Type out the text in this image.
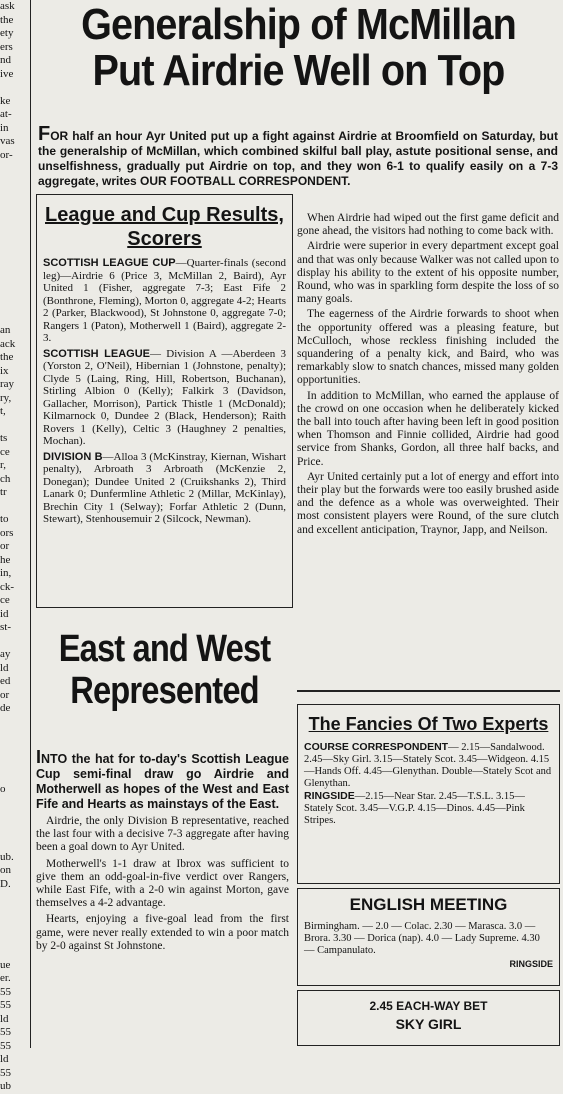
ask
the
ety
ers
nd
ive

ke
at-
in
vas
or-

an
ack
the
ix
ray
ry,
t,

ts
ce
r,
ch
tr

to
ors
or
he
in,
ck-
ce
id
st-

ay
ld
ed
or
de

o

ub.
on
D.

ue
er.
55
55
ld
55
55
ld
55
ub
Generalship of McMillan
Put Airdrie Well on Top
FOR half an hour Ayr United put up a fight against Airdrie at Broomfield on Saturday, but the generalship of McMillan, which combined skilful ball play, astute positional sense, and unselfishness, gradually put Airdrie on top, and they won 6-1 to qualify easily on a 7-3 aggregate, writes OUR FOOTBALL CORRESPONDENT.
League and Cup Results, Scorers

SCOTTISH LEAGUE CUP—Quarter-finals (second leg)—Airdrie 6 (Price 3, McMillan 2, Baird), Ayr United 1 (Fisher, aggregate 7-3; East Fife 2 (Bonthrone, Fleming), Morton 0, aggregate 4-2; Hearts 2 (Parker, Blackwood), St Johnstone 0, aggregate 7-0; Rangers 1 (Paton), Motherwell 1 (Baird), aggregate 2-3.

SCOTTISH LEAGUE— Division A —Aberdeen 3 (Yorston 2, O'Neil), Hibernian 1 (Johnstone, penalty); Clyde 5 (Laing, Ring, Hill, Robertson, Buchanan), Stirling Albion 0 (Kelly); Falkirk 3 (Davidson, Gallacher, Morrison), Partick Thistle 1 (McDonald); Kilmarnock 0, Dundee 2 (Black, Henderson); Raith Rovers 1 (Kelly), Celtic 3 (Haughney 2 penalties, Mochan).

DIVISION B—Alloa 3 (McKinstray, Kiernan, Wishart penalty), Arbroath 3 Arbroath (McKenzie 2, Donegan); Dundee United 2 (Cruikshanks 2), Third Lanark 0; Dunfermline Athletic 2 (Millar, McKinlay), Brechin City 1 (Selway); Forfar Athletic 2 (Dunn, Stewart), Stenhousemuir 2 (Silcock, Newman).

When Airdrie had wiped out the first game deficit and gone ahead, the visitors had nothing to come back with.

Airdrie were superior in every department except goal and that was only because Walker was not called upon to display his ability to the extent of his opposite number, Round, who was in sparkling form despite the loss of so many goals.

The eagerness of the Airdrie forwards to shoot when the opportunity offered was a pleasing feature, but McCulloch, whose reckless finishing included the squandering of a penalty kick, and Baird, who was remarkably slow to snatch chances, missed many golden opportunities.

In addition to McMillan, who earned the applause of the crowd on one occasion when he deliberately kicked the ball into touch after having been left in good position when Thomson and Finnie collided, Airdrie had good service from Shanks, Gordon, all three half backs, and Price.

Ayr United certainly put a lot of energy and effort into their play but the forwards were too easily brushed aside and the defence as a whole was overweighted. Their most consistent players were Round, of the sure clutch and excellent anticipation, Traynor, Japp, and Neilson.

The Fancies Of Two Experts

COURSE CORRESPONDENT— 2.15—Sandalwood. 2.45—Sky Girl. 3.15—Stately Scot. 3.45—Widgeon. 4.15—Hands Off. 4.45—Glenythan. Double—Stately Scot and Glenythan.

RINGSIDE—2.15—Near Star. 2.45—T.S.L. 3.15—Stately Scot. 3.45—V.G.P. 4.15—Dinos. 4.45—Pink Stripes.

ENGLISH MEETING

Birmingham. — 2.0 — Colac. 2.30 — Marasca. 3.0 — Brora. 3.30 — Dorica (nap). 4.0 — Lady Supreme. 4.30 — Campanulato.

RINGSIDE

2.45 EACH-WAY BET
SKY GIRL
East and West
Represented

INTO the hat for to-day's Scottish League Cup semi-final draw go Airdrie and Motherwell as hopes of the West and East Fife and Hearts as mainstays of the East.

Airdrie, the only Division B representative, reached the last four with a decisive 7-3 aggregate after having been a goal down to Ayr United.

Motherwell's 1-1 draw at Ibrox was sufficient to give them an odd-goal-in-five verdict over Rangers, while East Fife, with a 2-0 win against Morton, gave themselves a 4-2 advantage.

Hearts, enjoying a five-goal lead from the first game, were never really extended to win a poor match by 2-0 against St Johnstone.
